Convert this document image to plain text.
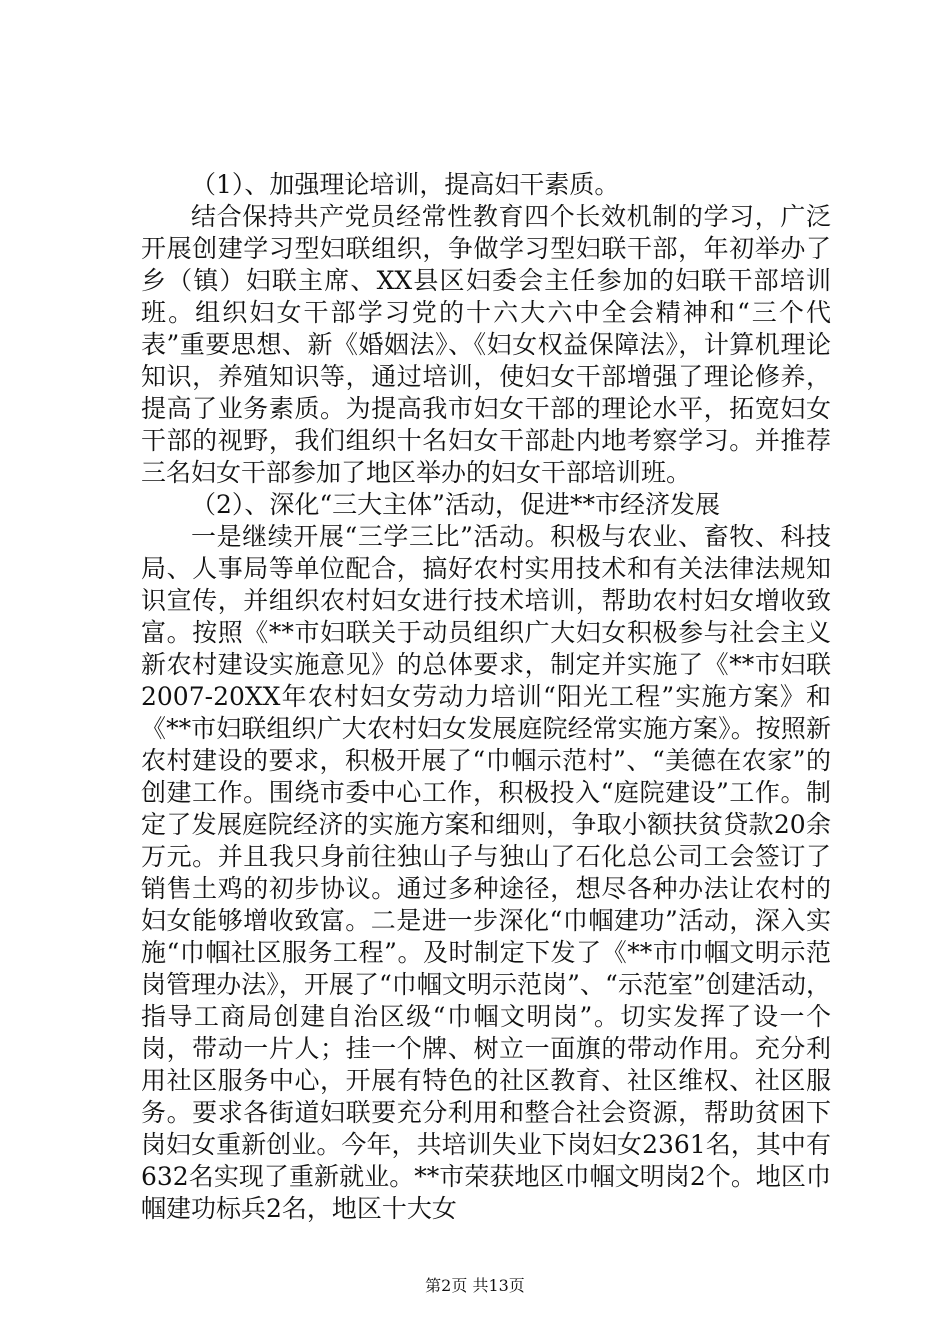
（1）、加强理论培训，提高妇干素质。

结合保持共产党员经常性教育四个长效机制的学习，广泛开展创建学习型妇联组织，争做学习型妇联干部，年初举办了乡（镇）妇联主席、XX县区妇委会主任参加的妇联干部培训班。组织妇女干部学习党的十六大六中全会精神和“三个代表”重要思想、新《婚姻法》、《妇女权益保障法》，计算机理论知识，养殖知识等，通过培训，使妇女干部增强了理论修养，提高了业务素质。为提高我市妇女干部的理论水平，拓宽妇女干部的视野，我们组织十名妇女干部赴内地考察学习。并推荐三名妇女干部参加了地区举办的妇女干部培训班。

（2）、深化“三大主体”活动，促进**市经济发展

一是继续开展“三学三比”活动。积极与农业、畜牧、科技局、人事局等单位配合，搞好农村实用技术和有关法律法规知识宣传，并组织农村妇女进行技术培训，帮助农村妇女增收致富。按照《**市妇联关于动员组织广大妇女积极参与社会主义新农村建设实施意见》的总体要求，制定并实施了《**市妇联2007-20XX年农村妇女劳动力培训“阳光工程”实施方案》和《**市妇联组织广大农村妇女发展庭院经常实施方案》。按照新农村建设的要求，积极开展了“巾帼示范村”、“美德在农家”的创建工作。围绕市委中心工作，积极投入“庭院建设”工作。制定了发展庭院经济的实施方案和细则，争取小额扶贫贷款20余万元。并且我只身前往独山子与独山了石化总公司工会签订了销售土鸡的初步协议。通过多种途径，想尽各种办法让农村的妇女能够增收致富。二是进一步深化“巾帼建功”活动，深入实施“巾帼社区服务工程”。及时制定下发了《**市巾帼文明示范岗管理办法》，开展了“巾帼文明示范岗”、“示范室”创建活动，指导工商局创建自治区级“巾帼文明岗”。切实发挥了设一个岗，带动一片人；挂一个牌、树立一面旗的带动作用。充分利用社区服务中心，开展有特色的社区教育、社区维权、社区服务。要求各街道妇联要充分利用和整合社会资源，帮助贫困下岗妇女重新创业。今年，共培训失业下岗妇女2361名，其中有632名实现了重新就业。**市荣获地区巾帼文明岗2个。地区巾帼建功标兵2名，地区十大女

第2页 共13页
